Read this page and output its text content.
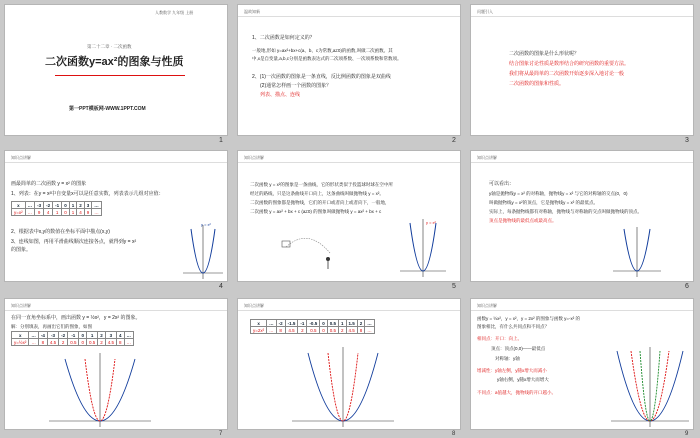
人教数学 九年级 上册
第二十二章 · 二次函数
二次函数y=ax²的图象与性质
第一PPT模板网-WWW.1PPT.COM
1
温故知新
1、二次函数是如何定义的？
一般地,形如 y=ax²+bx+c(a、b、c为常数,a≠0)的函数,叫做二次函数。其
中,x是自变量,a,b,c分别是函数表达式的二次项系数、一次项系数和常数项。
2、(1)一次函数的图象是一条直线，反比例函数的图象是双曲线
(2)通常怎样画一个函数的图象？
列表、描点、连线
2
问题引入
二次函数的图象是什么形状呢？
结合图象讨论性质是数形结合的研究函数的重要方法。
我们将从最简单的二次函数开始逐步深入地讨论一般
二次函数的图象和性质。
3
知识点讲解
画最简单的二次函数 y = x² 的图象
1、列表：在y = x²中自变量x可以是任意实数，列表表示几组对应值：
x	…	-3	-2	-1	0	1	2	3	…
y=x²	…	9	4	1	0	1	4	9	…
2、根据表中x,y的数值在坐标平面中描点(x,y)
3、连线如图，再用平滑曲线顺次连接各点，就得到y = x²
的图象。
y = x²
4
知识点讲解
二次函数 y = x²的图象是一条曲线，它的形状类似于投篮球时球在空中所
经过的路线，只是这条曲线开口向上，这条曲线叫做抛物线 y = x²。
二次函数的图象都是抛物线，它们的开口或者向上或者向下，一般地，
二次函数 y = ax² + bx + c (a≠0) 的图象叫做抛物线 y = ax² + bx + c
y = x²
5
知识点讲解
可以看出：
y轴是抛物线y = x² 的对称轴，抛物线y = x² 与它的对称轴的交点(0，0)
叫做抛物线y = x²的顶点，它是抛物线y = x² 的最低点。
实际上，每条抛物线都有对称轴，抛物线与对称轴的交点叫做抛物线的顶点。
顶点是抛物线的最低点或最高点。
6
知识点讲解
在同一直角坐标系中，画出函数 y = ½x²，y = 2x² 的图象。
解：分别填表，再画出它们的图象，如图
x	…	-4	-3	-2	-1	0	1	2	3	4	…
y=½x²	…	8	4.5	2	0.5	0	0.5	2	4.5	8	…
7
知识点讲解
x	…	-2	-1.5	-1	-0.5	0	0.5	1	1.5	2	…
y=2x²	…	8	4.5	2	0.5	0	0.5	2	4.5	8	…
8
知识点讲解
函数y = ½x²，y = x²，y = 2x² 的图象与函数 y=-x² 的
图象相比，有什么共同点和不同点？
相同点：开口：向上。
顶点：顶点(0,0)——最低点
对称轴：y轴
增减性：y轴左侧，y随x增大而减小
y轴右侧，y随x增大而增大
不同点：a值越大，抛物线的开口越小。
9
